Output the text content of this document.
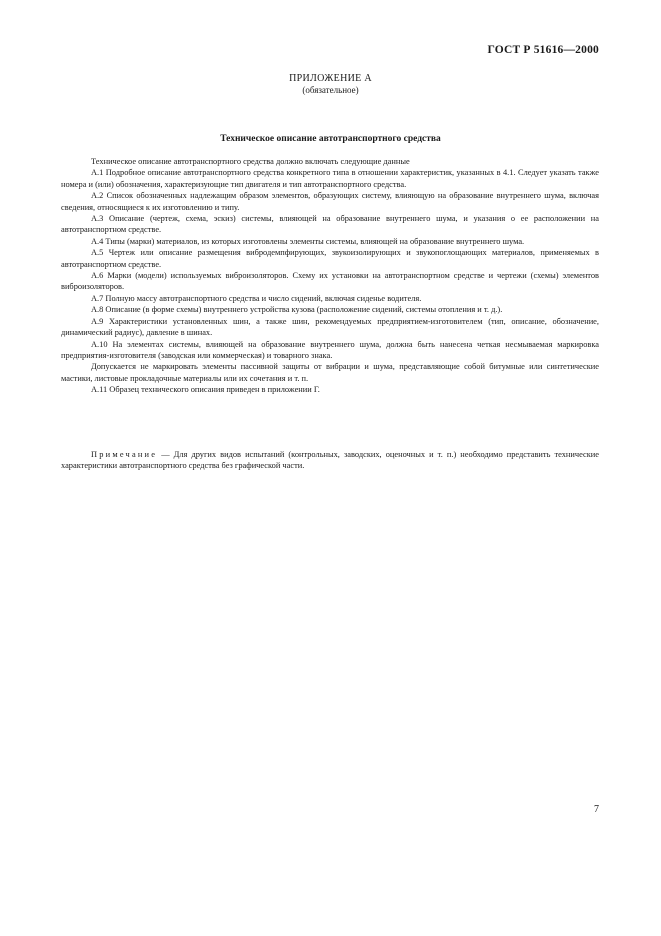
ГОСТ Р 51616—2000
ПРИЛОЖЕНИЕ А
(обязательное)
Техническое описание автотранспортного средства

Техническое описание автотранспортного средства должно включать следующие данные

А.1 Подробное описание автотранспортного средства конкретного типа в отношении характеристик, указанных в 4.1. Следует указать также номера и (или) обозначения, характеризующие тип двигателя и тип автотранспортного средства.

А.2 Список обозначенных надлежащим образом элементов, образующих систему, влияющую на образование внутреннего шума, включая сведения, относящиеся к их изготовлению и типу.

А.3 Описание (чертеж, схема, эскиз) системы, влияющей на образование внутреннего шума, и указания о ее расположении на автотранспортном средстве.

А.4 Типы (марки) материалов, из которых изготовлены элементы системы, влияющей на образование внутреннего шума.

А.5 Чертеж или описание размещения вибродемпфирующих, звукоизолирующих и звукопоглощающих материалов, применяемых в автотранспортном средстве.

А.6 Марки (модели) используемых виброизоляторов. Схему их установки на автотранспортном средстве и чертежи (схемы) элементов виброизоляторов.

А.7 Полную массу автотранспортного средства и число сидений, включая сиденье водителя.

А.8 Описание (в форме схемы) внутреннего устройства кузова (расположение сидений, системы отопления и т. д.).

А.9 Характеристики установленных шин, а также шин, рекомендуемых предприятием-изготовителем (тип, описание, обозначение, динамический радиус), давление в шинах.

А.10 На элементах системы, влияющей на образование внутреннего шума, должна быть нанесена четкая несмываемая маркировка предприятия-изготовителя (заводская или коммерческая) и товарного знака.

Допускается не маркировать элементы пассивной защиты от вибрации и шума, представляющие собой битумные или синтетические мастики, листовые прокладочные материалы или их сочетания и т. п.

А.11 Образец технического описания приведен в приложении Г.

Примечание — Для других видов испытаний (контрольных, заводских, оценочных и т. п.) необходимо представить технические характеристики автотранспортного средства без графической части.

7
